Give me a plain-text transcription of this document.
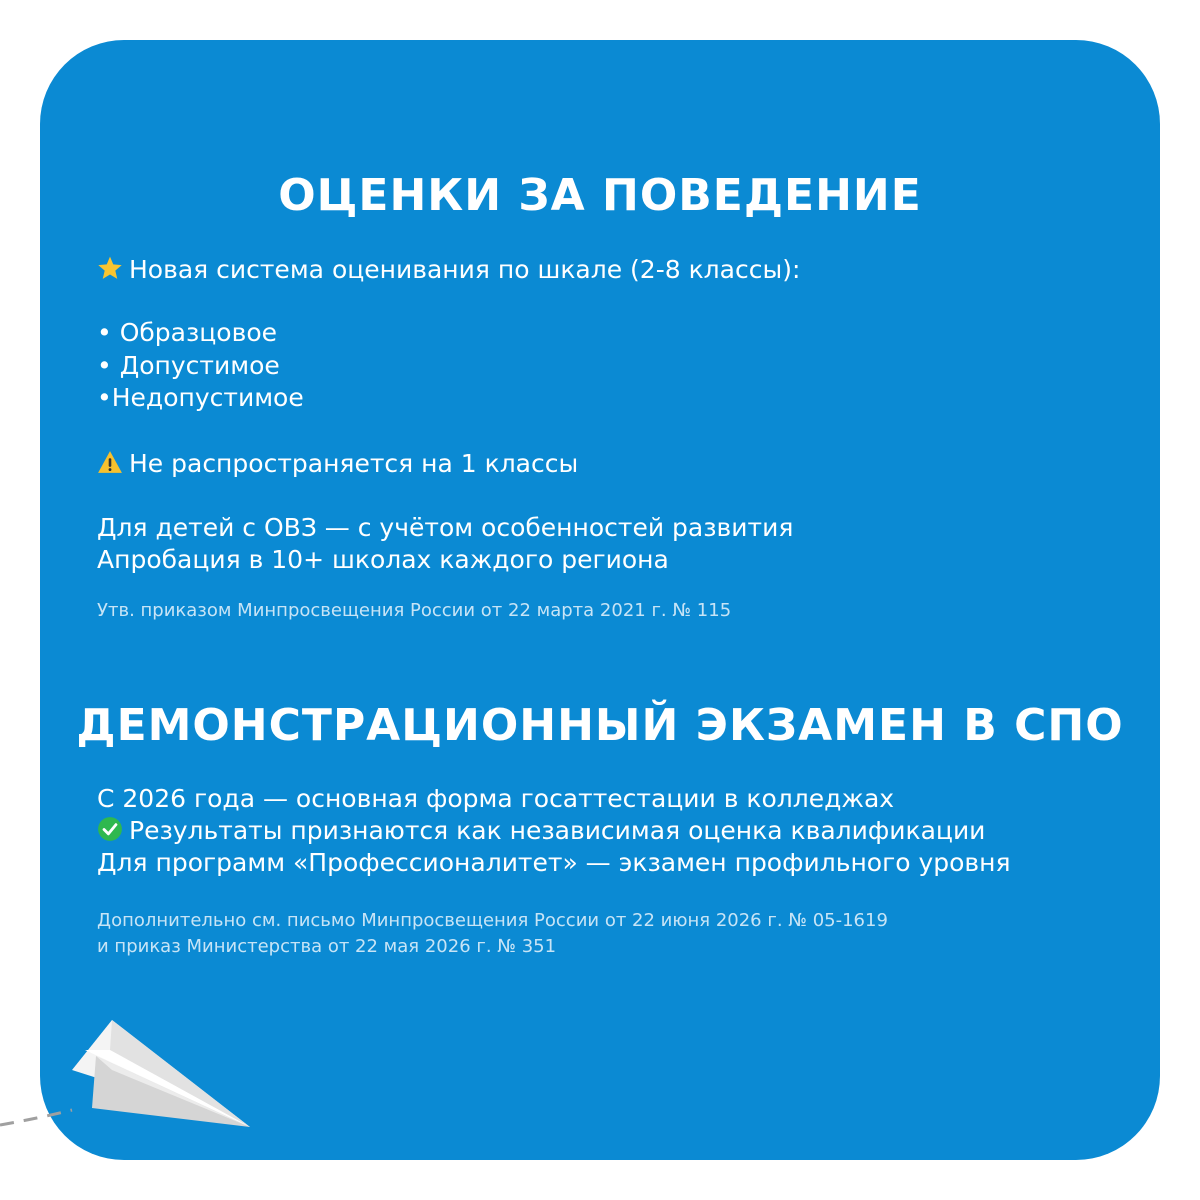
ОЦЕНКИ ЗА ПОВЕДЕНИЕ
Новая система оценивания по шкале (2-8 классы):
• Образцовое
• Допустимое
•Недопустимое
Не распространяется на 1 классы
Для детей с ОВЗ — с учётом особенностей развития
Апробация в 10+ школах каждого региона
Утв. приказом Минпросвещения России от 22 марта 2021 г. № 115
ДЕМОНСТРАЦИОННЫЙ ЭКЗАМЕН В СПО
С 2026 года — основная форма госаттестации в колледжах
Результаты признаются как независимая оценка квалификации
Для программ «Профессионалитет» — экзамен профильного уровня
Дополнительно см. письмо Минпросвещения России от 22 июня 2026 г. № 05-1619
и приказ Министерства от 22 мая 2026 г. № 351
